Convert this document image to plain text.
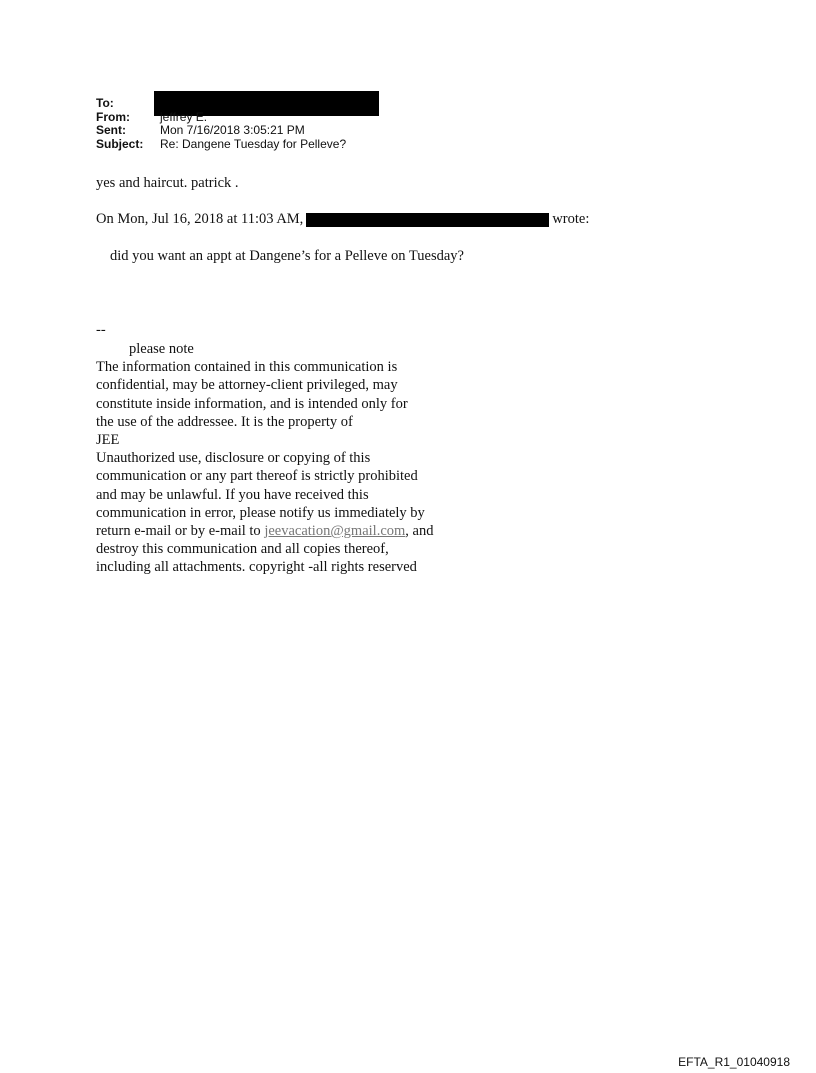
To:
From:	jeffrey E.
Sent:	Mon 7/16/2018 3:05:21 PM
Subject:	Re: Dangene Tuesday for Pelleve?
yes and haircut. patrick .
On Mon, Jul 16, 2018 at 11:03 AM,	wrote:
did you want an appt at Dangene’s for a Pelleve on Tuesday?
--
please note
The information contained in this communication is
confidential, may be attorney-client privileged, may
constitute inside information, and is intended only for
the use of the addressee. It is the property of
JEE
Unauthorized use, disclosure or copying of this
communication or any part thereof is strictly prohibited
and may be unlawful. If you have received this
communication in error, please notify us immediately by
return e-mail or by e-mail to jeevacation@gmail.com, and
destroy this communication and all copies thereof,
including all attachments. copyright -all rights reserved
EFTA_R1_01040918
